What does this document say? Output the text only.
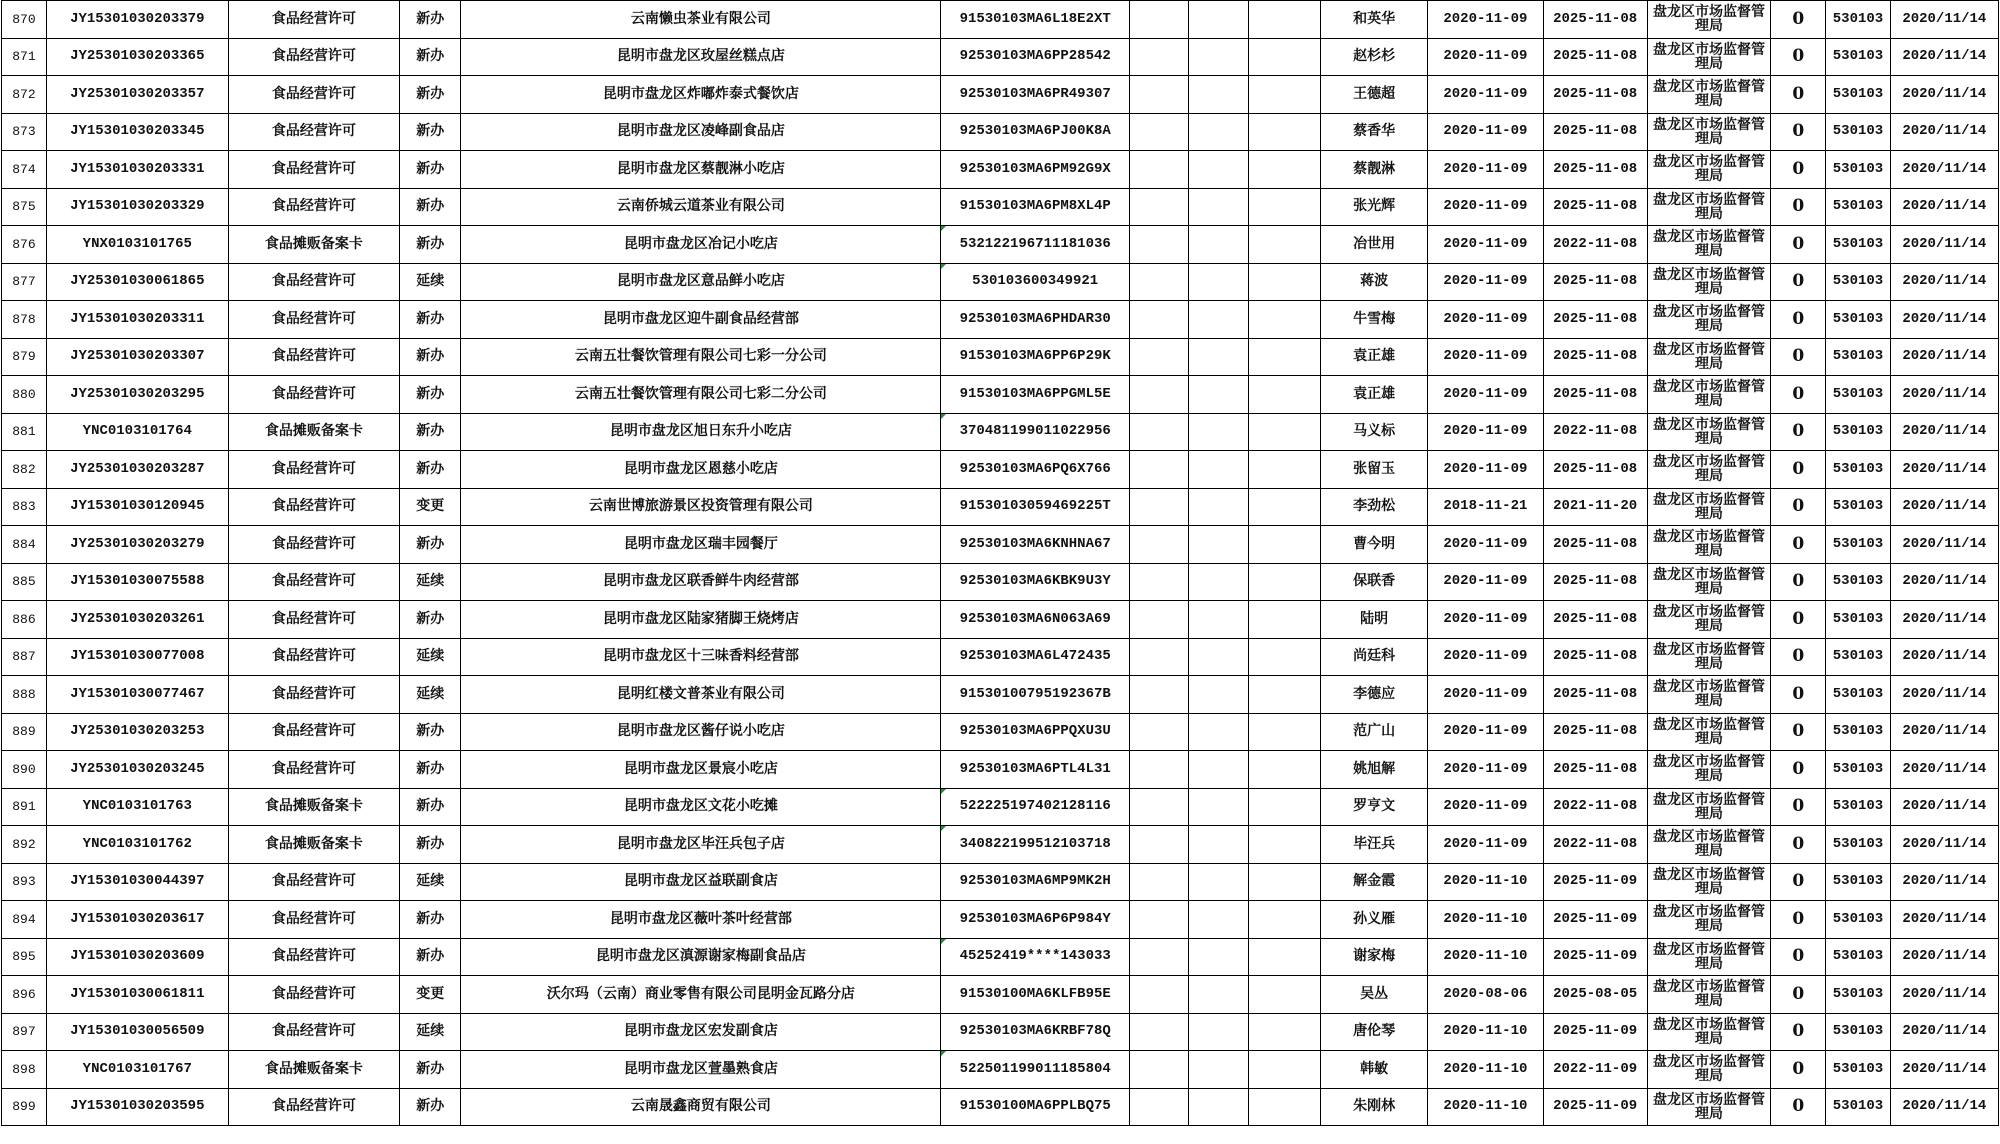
870	JY15301030203379	食品经营许可	新办	云南懒虫茶业有限公司	91530103MA6L18E2XT				和英华	2020-11-09	2025-11-08	盘龙区市场监督管理局	0	530103	2020/11/14
871	JY25301030203365	食品经营许可	新办	昆明市盘龙区玫屋丝糕点店	92530103MA6PP28542				赵杉杉	2020-11-09	2025-11-08	盘龙区市场监督管理局	0	530103	2020/11/14
872	JY25301030203357	食品经营许可	新办	昆明市盘龙区炸嘟炸泰式餐饮店	92530103MA6PR49307				王德超	2020-11-09	2025-11-08	盘龙区市场监督管理局	0	530103	2020/11/14
873	JY15301030203345	食品经营许可	新办	昆明市盘龙区凌峰副食品店	92530103MA6PJ00K8A				蔡香华	2020-11-09	2025-11-08	盘龙区市场监督管理局	0	530103	2020/11/14
874	JY15301030203331	食品经营许可	新办	昆明市盘龙区蔡靓淋小吃店	92530103MA6PM92G9X				蔡靓淋	2020-11-09	2025-11-08	盘龙区市场监督管理局	0	530103	2020/11/14
875	JY15301030203329	食品经营许可	新办	云南侨城云道茶业有限公司	91530103MA6PM8XL4P				张光辉	2020-11-09	2025-11-08	盘龙区市场监督管理局	0	530103	2020/11/14
876	YNX0103101765	食品摊贩备案卡	新办	昆明市盘龙区冶记小吃店	532122196711181036				冶世用	2020-11-09	2022-11-08	盘龙区市场监督管理局	0	530103	2020/11/14
877	JY25301030061865	食品经营许可	延续	昆明市盘龙区意品鲜小吃店	530103600349921				蒋波	2020-11-09	2025-11-08	盘龙区市场监督管理局	0	530103	2020/11/14
878	JY15301030203311	食品经营许可	新办	昆明市盘龙区迎牛副食品经营部	92530103MA6PHDAR30				牛雪梅	2020-11-09	2025-11-08	盘龙区市场监督管理局	0	530103	2020/11/14
879	JY25301030203307	食品经营许可	新办	云南五壮餐饮管理有限公司七彩一分公司	91530103MA6PP6P29K				袁正雄	2020-11-09	2025-11-08	盘龙区市场监督管理局	0	530103	2020/11/14
880	JY25301030203295	食品经营许可	新办	云南五壮餐饮管理有限公司七彩二分公司	91530103MA6PPGML5E				袁正雄	2020-11-09	2025-11-08	盘龙区市场监督管理局	0	530103	2020/11/14
881	YNC0103101764	食品摊贩备案卡	新办	昆明市盘龙区旭日东升小吃店	370481199011022956				马义标	2020-11-09	2022-11-08	盘龙区市场监督管理局	0	530103	2020/11/14
882	JY25301030203287	食品经营许可	新办	昆明市盘龙区恩慈小吃店	92530103MA6PQ6X766				张留玉	2020-11-09	2025-11-08	盘龙区市场监督管理局	0	530103	2020/11/14
883	JY15301030120945	食品经营许可	变更	云南世博旅游景区投资管理有限公司	91530103059469225T				李劲松	2018-11-21	2021-11-20	盘龙区市场监督管理局	0	530103	2020/11/14
884	JY25301030203279	食品经营许可	新办	昆明市盘龙区瑞丰园餐厅	92530103MA6KNHNA67				曹今明	2020-11-09	2025-11-08	盘龙区市场监督管理局	0	530103	2020/11/14
885	JY15301030075588	食品经营许可	延续	昆明市盘龙区联香鲜牛肉经营部	92530103MA6KBK9U3Y				保联香	2020-11-09	2025-11-08	盘龙区市场监督管理局	0	530103	2020/11/14
886	JY25301030203261	食品经营许可	新办	昆明市盘龙区陆家猪脚王烧烤店	92530103MA6N063A69				陆明	2020-11-09	2025-11-08	盘龙区市场监督管理局	0	530103	2020/11/14
887	JY15301030077008	食品经营许可	延续	昆明市盘龙区十三味香料经营部	92530103MA6L472435				尚廷科	2020-11-09	2025-11-08	盘龙区市场监督管理局	0	530103	2020/11/14
888	JY15301030077467	食品经营许可	延续	昆明红楼文普茶业有限公司	91530100795192367B				李德应	2020-11-09	2025-11-08	盘龙区市场监督管理局	0	530103	2020/11/14
889	JY25301030203253	食品经营许可	新办	昆明市盘龙区酱仔说小吃店	92530103MA6PPQXU3U				范广山	2020-11-09	2025-11-08	盘龙区市场监督管理局	0	530103	2020/11/14
890	JY25301030203245	食品经营许可	新办	昆明市盘龙区景宸小吃店	92530103MA6PTL4L31				姚旭解	2020-11-09	2025-11-08	盘龙区市场监督管理局	0	530103	2020/11/14
891	YNC0103101763	食品摊贩备案卡	新办	昆明市盘龙区文花小吃摊	522225197402128116				罗亨文	2020-11-09	2022-11-08	盘龙区市场监督管理局	0	530103	2020/11/14
892	YNC0103101762	食品摊贩备案卡	新办	昆明市盘龙区毕汪兵包子店	340822199512103718				毕汪兵	2020-11-09	2022-11-08	盘龙区市场监督管理局	0	530103	2020/11/14
893	JY15301030044397	食品经营许可	延续	昆明市盘龙区益联副食店	92530103MA6MP9MK2H				解金霞	2020-11-10	2025-11-09	盘龙区市场监督管理局	0	530103	2020/11/14
894	JY15301030203617	食品经营许可	新办	昆明市盘龙区薇叶茶叶经营部	92530103MA6P6P984Y				孙义雁	2020-11-10	2025-11-09	盘龙区市场监督管理局	0	530103	2020/11/14
895	JY15301030203609	食品经营许可	新办	昆明市盘龙区滇源谢家梅副食品店	45252419****143033				谢家梅	2020-11-10	2025-11-09	盘龙区市场监督管理局	0	530103	2020/11/14
896	JY15301030061811	食品经营许可	变更	沃尔玛（云南）商业零售有限公司昆明金瓦路分店	91530100MA6KLFB95E				吴丛	2020-08-06	2025-08-05	盘龙区市场监督管理局	0	530103	2020/11/14
897	JY15301030056509	食品经营许可	延续	昆明市盘龙区宏发副食店	92530103MA6KRBF78Q				唐伦琴	2020-11-10	2025-11-09	盘龙区市场监督管理局	0	530103	2020/11/14
898	YNC0103101767	食品摊贩备案卡	新办	昆明市盘龙区萱墨熟食店	522501199011185804				韩敏	2020-11-10	2022-11-09	盘龙区市场监督管理局	0	530103	2020/11/14
899	JY15301030203595	食品经营许可	新办	云南晟鑫商贸有限公司	91530100MA6PPLBQ75				朱刚林	2020-11-10	2025-11-09	盘龙区市场监督管理局	0	530103	2020/11/14
